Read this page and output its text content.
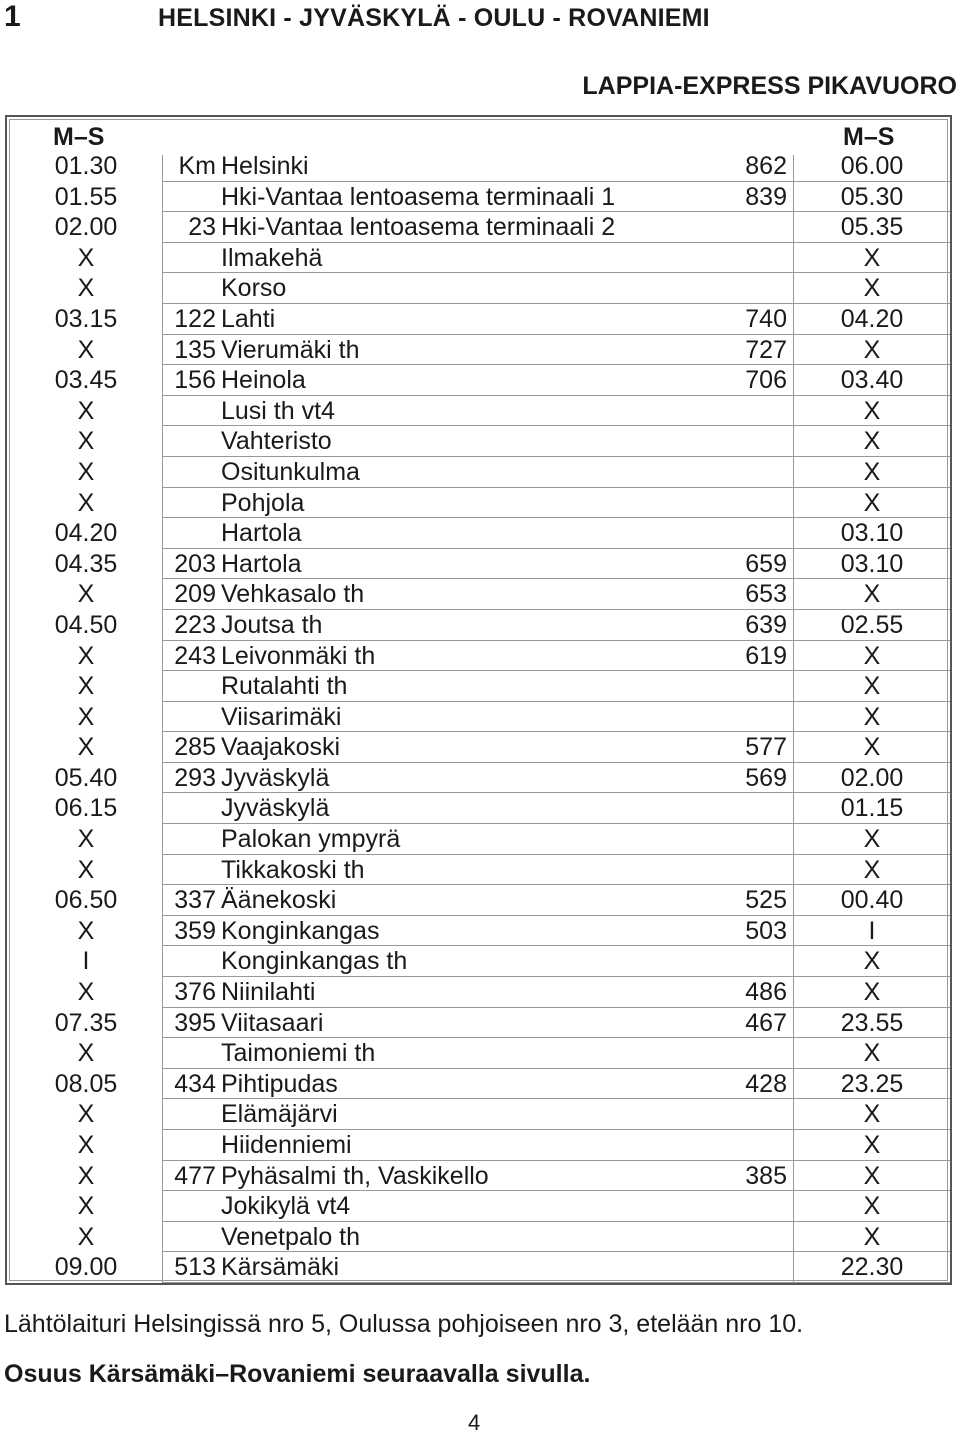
1	HELSINKI - JYVÄSKYLÄ - OULU - ROVANIEMI
LAPPIA-EXPRESS PIKAVUORO
M–S	M–S
01.30	Km Helsinki	862	06.00
01.55	Hki-Vantaa lentoasema terminaali 1	839	05.30
02.00	23 Hki-Vantaa lentoasema terminaali 2	05.35
X	Ilmakehä	X
X	Korso	X
03.15	122 Lahti	740	04.20
X	135 Vierumäki th	727	X
03.45	156 Heinola	706	03.40
X	Lusi th vt4	X
X	Vahteristo	X
X	Ositunkulma	X
X	Pohjola	X
04.20	Hartola	03.10
04.35	203 Hartola	659	03.10
X	209 Vehkasalo th	653	X
04.50	223 Joutsa th	639	02.55
X	243 Leivonmäki th	619	X
X	Rutalahti th	X
X	Viisarimäki	X
X	285 Vaajakoski	577	X
05.40	293 Jyväskylä	569	02.00
06.15	Jyväskylä	01.15
X	Palokan ympyrä	X
X	Tikkakoski th	X
06.50	337 Äänekoski	525	00.40
X	359 Konginkangas	503	I
I	Konginkangas th	X
X	376 Niinilahti	486	X
07.35	395 Viitasaari	467	23.55
X	Taimoniemi th	X
08.05	434 Pihtipudas	428	23.25
X	Elämäjärvi	X
X	Hiidenniemi	X
X	477 Pyhäsalmi th, Vaskikello	385	X
X	Jokikylä vt4	X
X	Venetpalo th	X
09.00	513 Kärsämäki	22.30
Lähtölaituri Helsingissä nro 5, Oulussa pohjoiseen nro 3, etelään nro 10.
Osuus Kärsämäki–Rovaniemi seuraavalla sivulla.
4
